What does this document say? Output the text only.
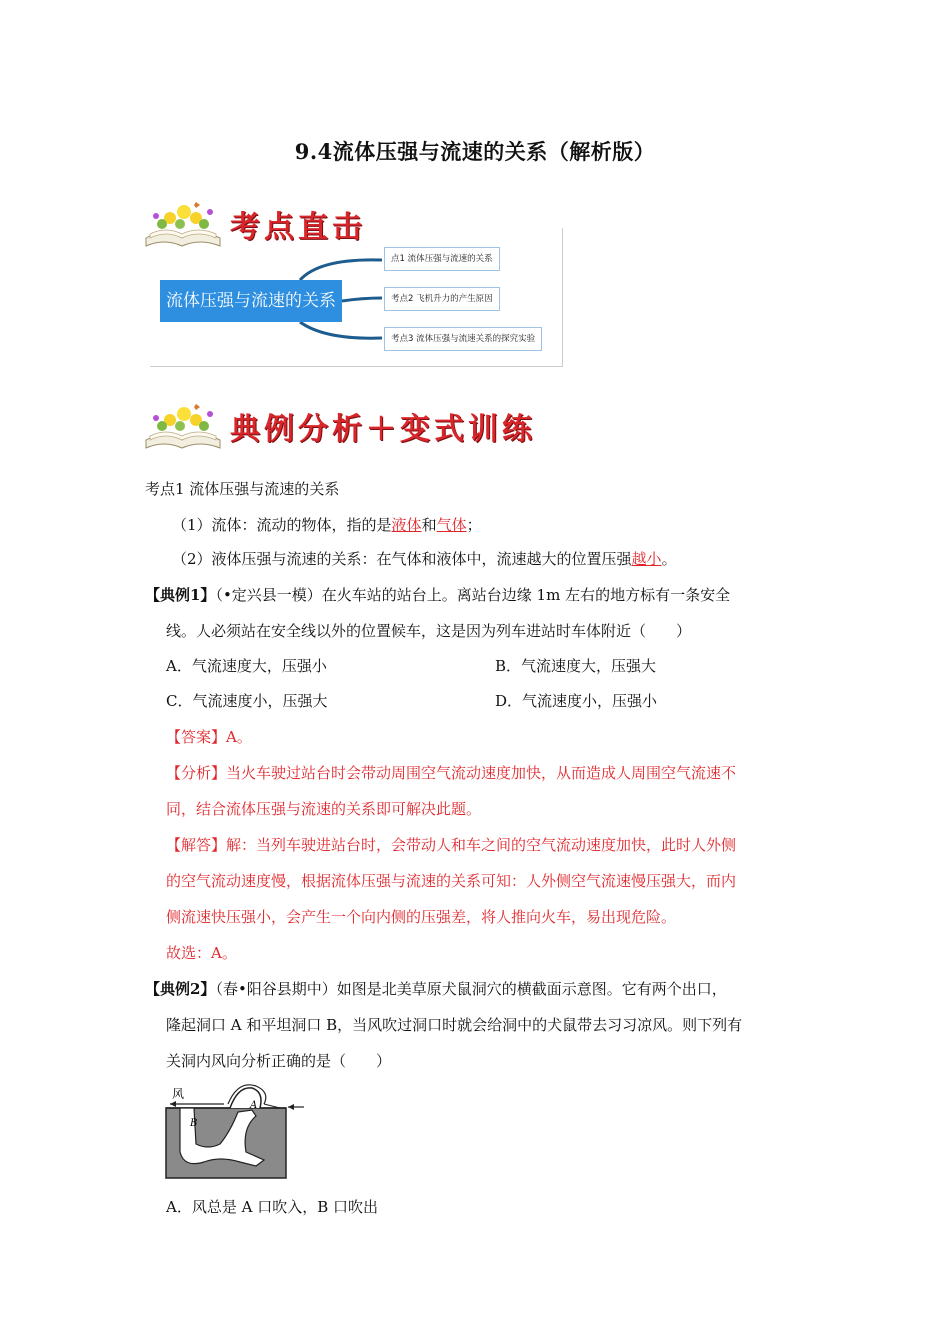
9.4流体压强与流速的关系（解析版）
考点直击
流体压强与流速的关系
点1 流体压强与流速的关系
考点2 飞机升力的产生原因
考点3 流体压强与流速关系的探究实验
典例分析＋变式训练
考点1 流体压强与流速的关系
（1）流体：流动的物体，指的是液体和气体；
（2）液体压强与流速的关系：在气体和液体中，流速越大的位置压强越小。
【典例1】（•定兴县一模）在火车站的站台上。离站台边缘 1m 左右的地方标有一条安全
线。人必须站在安全线以外的位置候车，这是因为列车进站时车体附近（　　）
A．气流速度大，压强小	B．气流速度大，压强大
C．气流速度小，压强大	D．气流速度小，压强小
【答案】A。
【分析】当火车驶过站台时会带动周围空气流动速度加快，从而造成人周围空气流速不
同，结合流体压强与流速的关系即可解决此题。
【解答】解：当列车驶进站台时，会带动人和车之间的空气流动速度加快，此时人外侧
的空气流动速度慢，根据流体压强与流速的关系可知：人外侧空气流速慢压强大，而内
侧流速快压强小，会产生一个向内侧的压强差，将人推向火车，易出现危险。
故选：A。
【典例2】（春•阳谷县期中）如图是北美草原犬鼠洞穴的横截面示意图。它有两个出口，
隆起洞口 A 和平坦洞口 B，当风吹过洞口时就会给洞中的犬鼠带去习习凉风。则下列有
关洞内风向分析正确的是（　　）
风
A
B
A．风总是 A 口吹入，B 口吹出
